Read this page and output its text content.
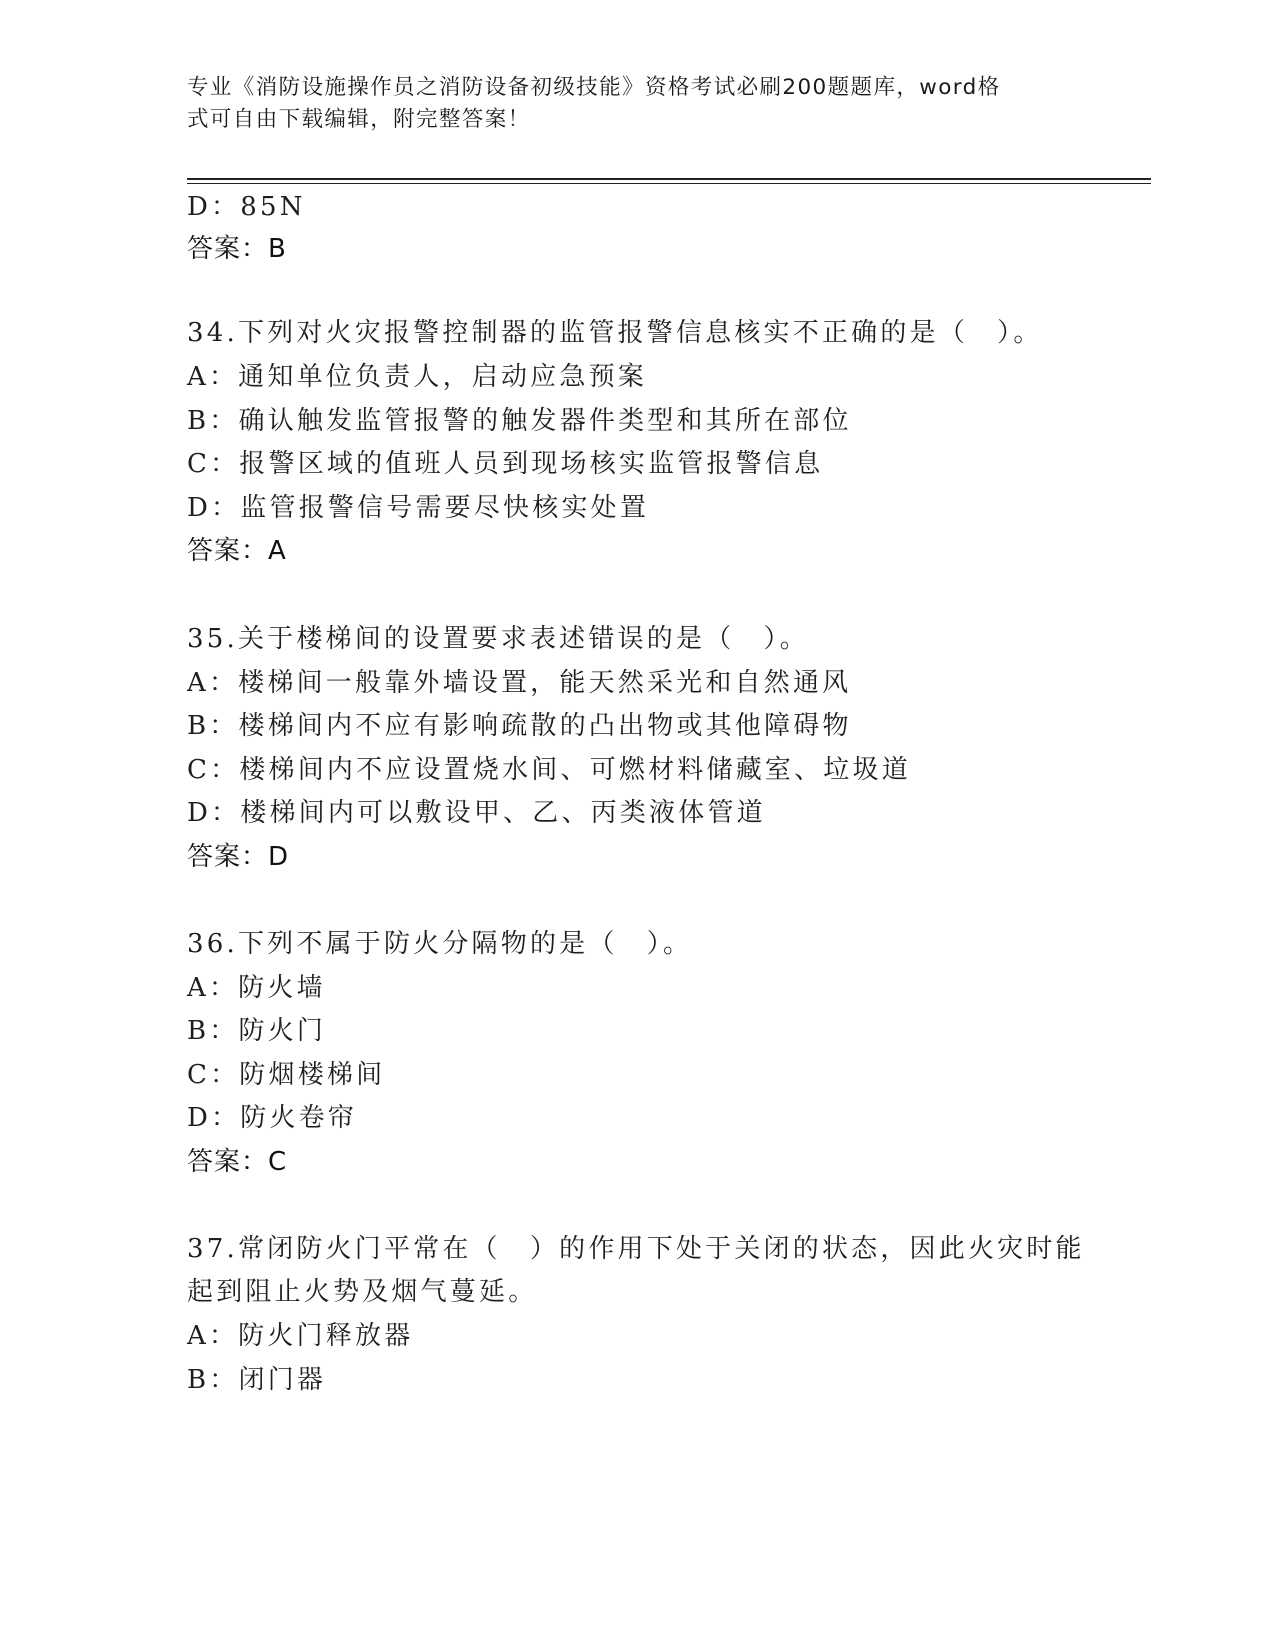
专业《消防设施操作员之消防设备初级技能》资格考试必刷200题题库，word格
式可自由下载编辑，附完整答案！
D：85N
答案：B
34.下列对火灾报警控制器的监管报警信息核实不正确的是（　）。
A：通知单位负责人，启动应急预案
B：确认触发监管报警的触发器件类型和其所在部位
C：报警区域的值班人员到现场核实监管报警信息
D：监管报警信号需要尽快核实处置
答案：A
35.关于楼梯间的设置要求表述错误的是（　）。
A：楼梯间一般靠外墙设置，能天然采光和自然通风
B：楼梯间内不应有影响疏散的凸出物或其他障碍物
C：楼梯间内不应设置烧水间、可燃材料储藏室、垃圾道
D：楼梯间内可以敷设甲、乙、丙类液体管道
答案：D
36.下列不属于防火分隔物的是（　）。
A：防火墙
B：防火门
C：防烟楼梯间
D：防火卷帘
答案：C
37.常闭防火门平常在（　）的作用下处于关闭的状态，因此火灾时能
起到阻止火势及烟气蔓延。
A：防火门释放器
B：闭门器
